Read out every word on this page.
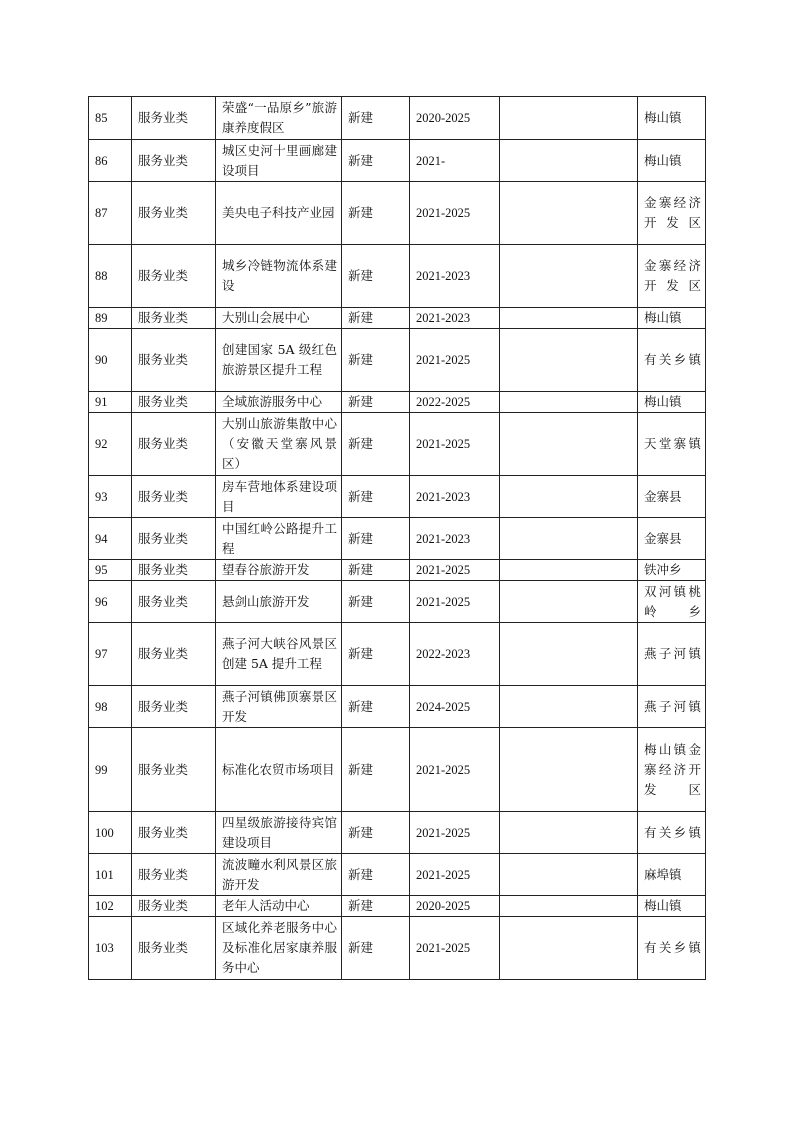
85	服务业类	荣盛“一品原乡”旅游康养度假区	新建	2020-2025		梅山镇
86	服务业类	城区史河十里画廊建设项目	新建	2021-		梅山镇
87	服务业类	美央电子科技产业园	新建	2021-2025		金寨经济开发区
88	服务业类	城乡冷链物流体系建设	新建	2021-2023		金寨经济开发区
89	服务业类	大别山会展中心	新建	2021-2023		梅山镇
90	服务业类	创建国家 5A 级红色旅游景区提升工程	新建	2021-2025		有关乡镇
91	服务业类	全域旅游服务中心	新建	2022-2025		梅山镇
92	服务业类	大别山旅游集散中心（安徽天堂寨风景区）	新建	2021-2025		天堂寨镇
93	服务业类	房车营地体系建设项目	新建	2021-2023		金寨县
94	服务业类	中国红岭公路提升工程	新建	2021-2023		金寨县
95	服务业类	望春谷旅游开发	新建	2021-2025		铁冲乡
96	服务业类	悬剑山旅游开发	新建	2021-2025		双河镇桃岭乡
97	服务业类	燕子河大峡谷风景区创建 5A 提升工程	新建	2022-2023		燕子河镇
98	服务业类	燕子河镇佛顶寨景区开发	新建	2024-2025		燕子河镇
99	服务业类	标准化农贸市场项目	新建	2021-2025		梅山镇金寨经济开发区
100	服务业类	四星级旅游接待宾馆建设项目	新建	2021-2025		有关乡镇
101	服务业类	流波疃水利风景区旅游开发	新建	2021-2025		麻埠镇
102	服务业类	老年人活动中心	新建	2020-2025		梅山镇
103	服务业类	区域化养老服务中心及标准化居家康养服务中心	新建	2021-2025		有关乡镇
